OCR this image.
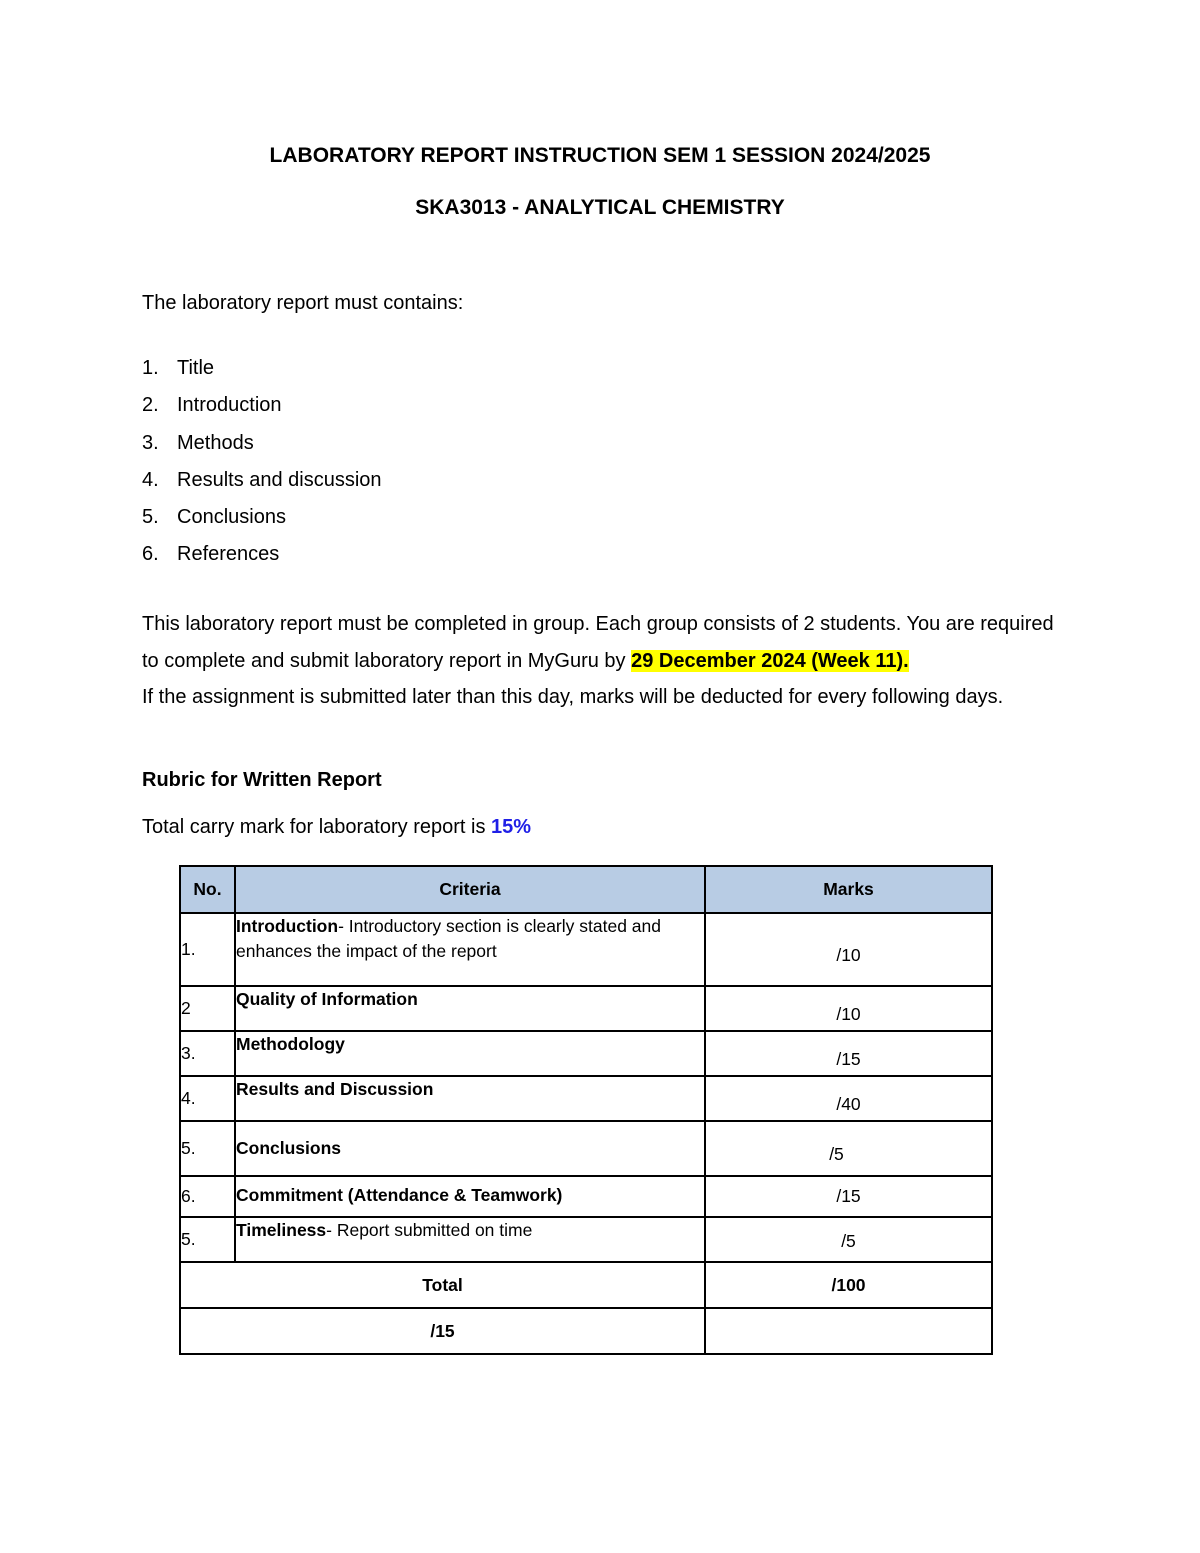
LABORATORY REPORT INSTRUCTION SEM 1 SESSION 2024/2025
SKA3013 - ANALYTICAL CHEMISTRY
The laboratory report must contains:
1. Title
2. Introduction
3. Methods
4. Results and discussion
5. Conclusions
6. References
This laboratory report must be completed in group. Each group consists of 2 students. You are required to complete and submit laboratory report in MyGuru by 29 December 2024 (Week 11).
If the assignment is submitted later than this day, marks will be deducted for every following days.
Rubric for Written Report
Total carry mark for laboratory report is 15%
No.	Criteria	Marks
1.	Introduction- Introductory section is clearly stated and enhances the impact of the report	/10
2	Quality of Information	/10
3.	Methodology	/15
4.	Results and Discussion	/40
5.	Conclusions	/5
6.	Commitment (Attendance & Teamwork)	/15
5.	Timeliness- Report submitted on time	/5
Total		/100
/15		
